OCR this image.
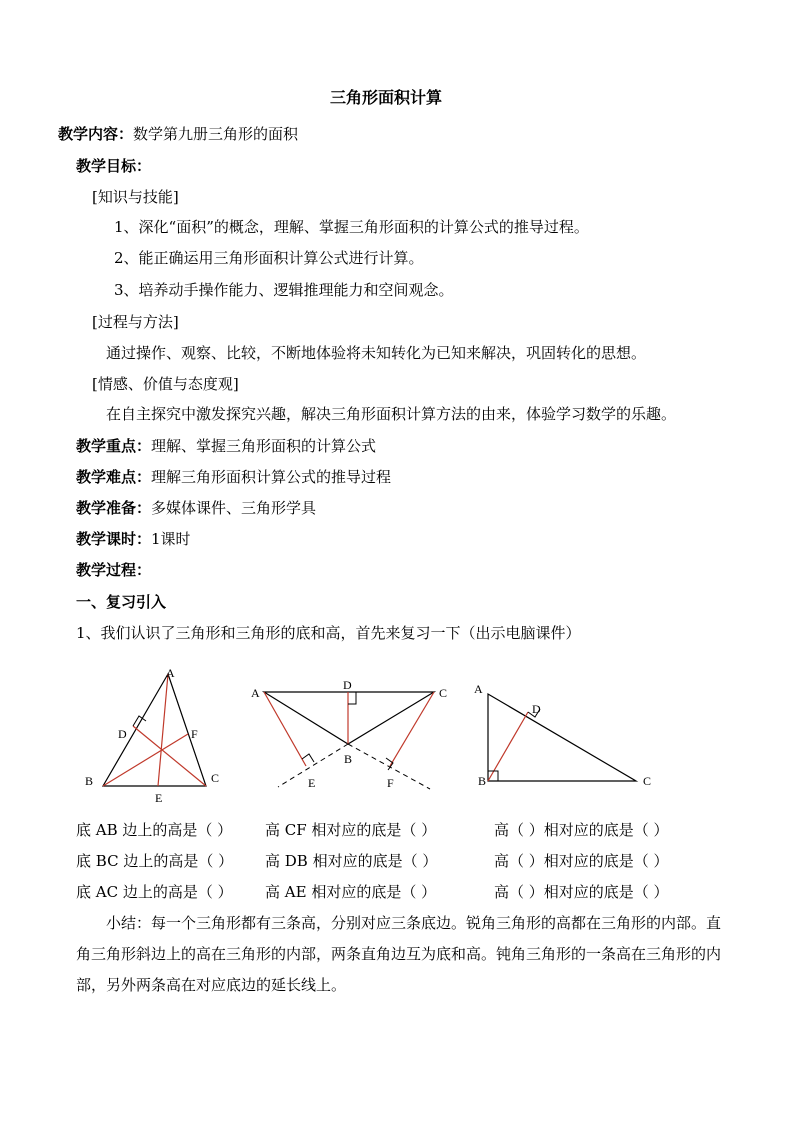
三角形面积计算
教学内容：数学第九册三角形的面积
教学目标：
[知识与技能]
1、深化“面积”的概念，理解、掌握三角形面积的计算公式的推导过程。
2、能正确运用三角形面积计算公式进行计算。
3、培养动手操作能力、逻辑推理能力和空间观念。
[过程与方法]
通过操作、观察、比较，不断地体验将未知转化为已知来解决，巩固转化的思想。
[情感、价值与态度观]
在自主探究中激发探究兴趣，解决三角形面积计算方法的由来，体验学习数学的乐趣。
教学重点：理解、掌握三角形面积的计算公式
教学难点：理解三角形面积计算公式的推导过程
教学准备：多媒体课件、三角形学具
教学课时：1课时
教学过程：
一、复习引入
1、我们认识了三角形和三角形的底和高，首先来复习一下（出示电脑课件）
A
D	F
B	C
E
A
D
C
B
E	F
A
D
B	C
底 AB 边上的高是（ ） 高 CF 相对应的底是（ ）	高（ ）相对应的底是（ ）
底 BC 边上的高是（ ） 高 DB 相对应的底是（ ）	高（ ）相对应的底是（ ）
底 AC 边上的高是（ ） 高 AE 相对应的底是（ ）	高（ ）相对应的底是（ ）
小结：每一个三角形都有三条高，分别对应三条底边。锐角三角形的高都在三角形的内部。直角三角形斜边上的高在三角形的内部，两条直角边互为底和高。钝角三角形的一条高在三角形的内部，另外两条高在对应底边的延长线上。
